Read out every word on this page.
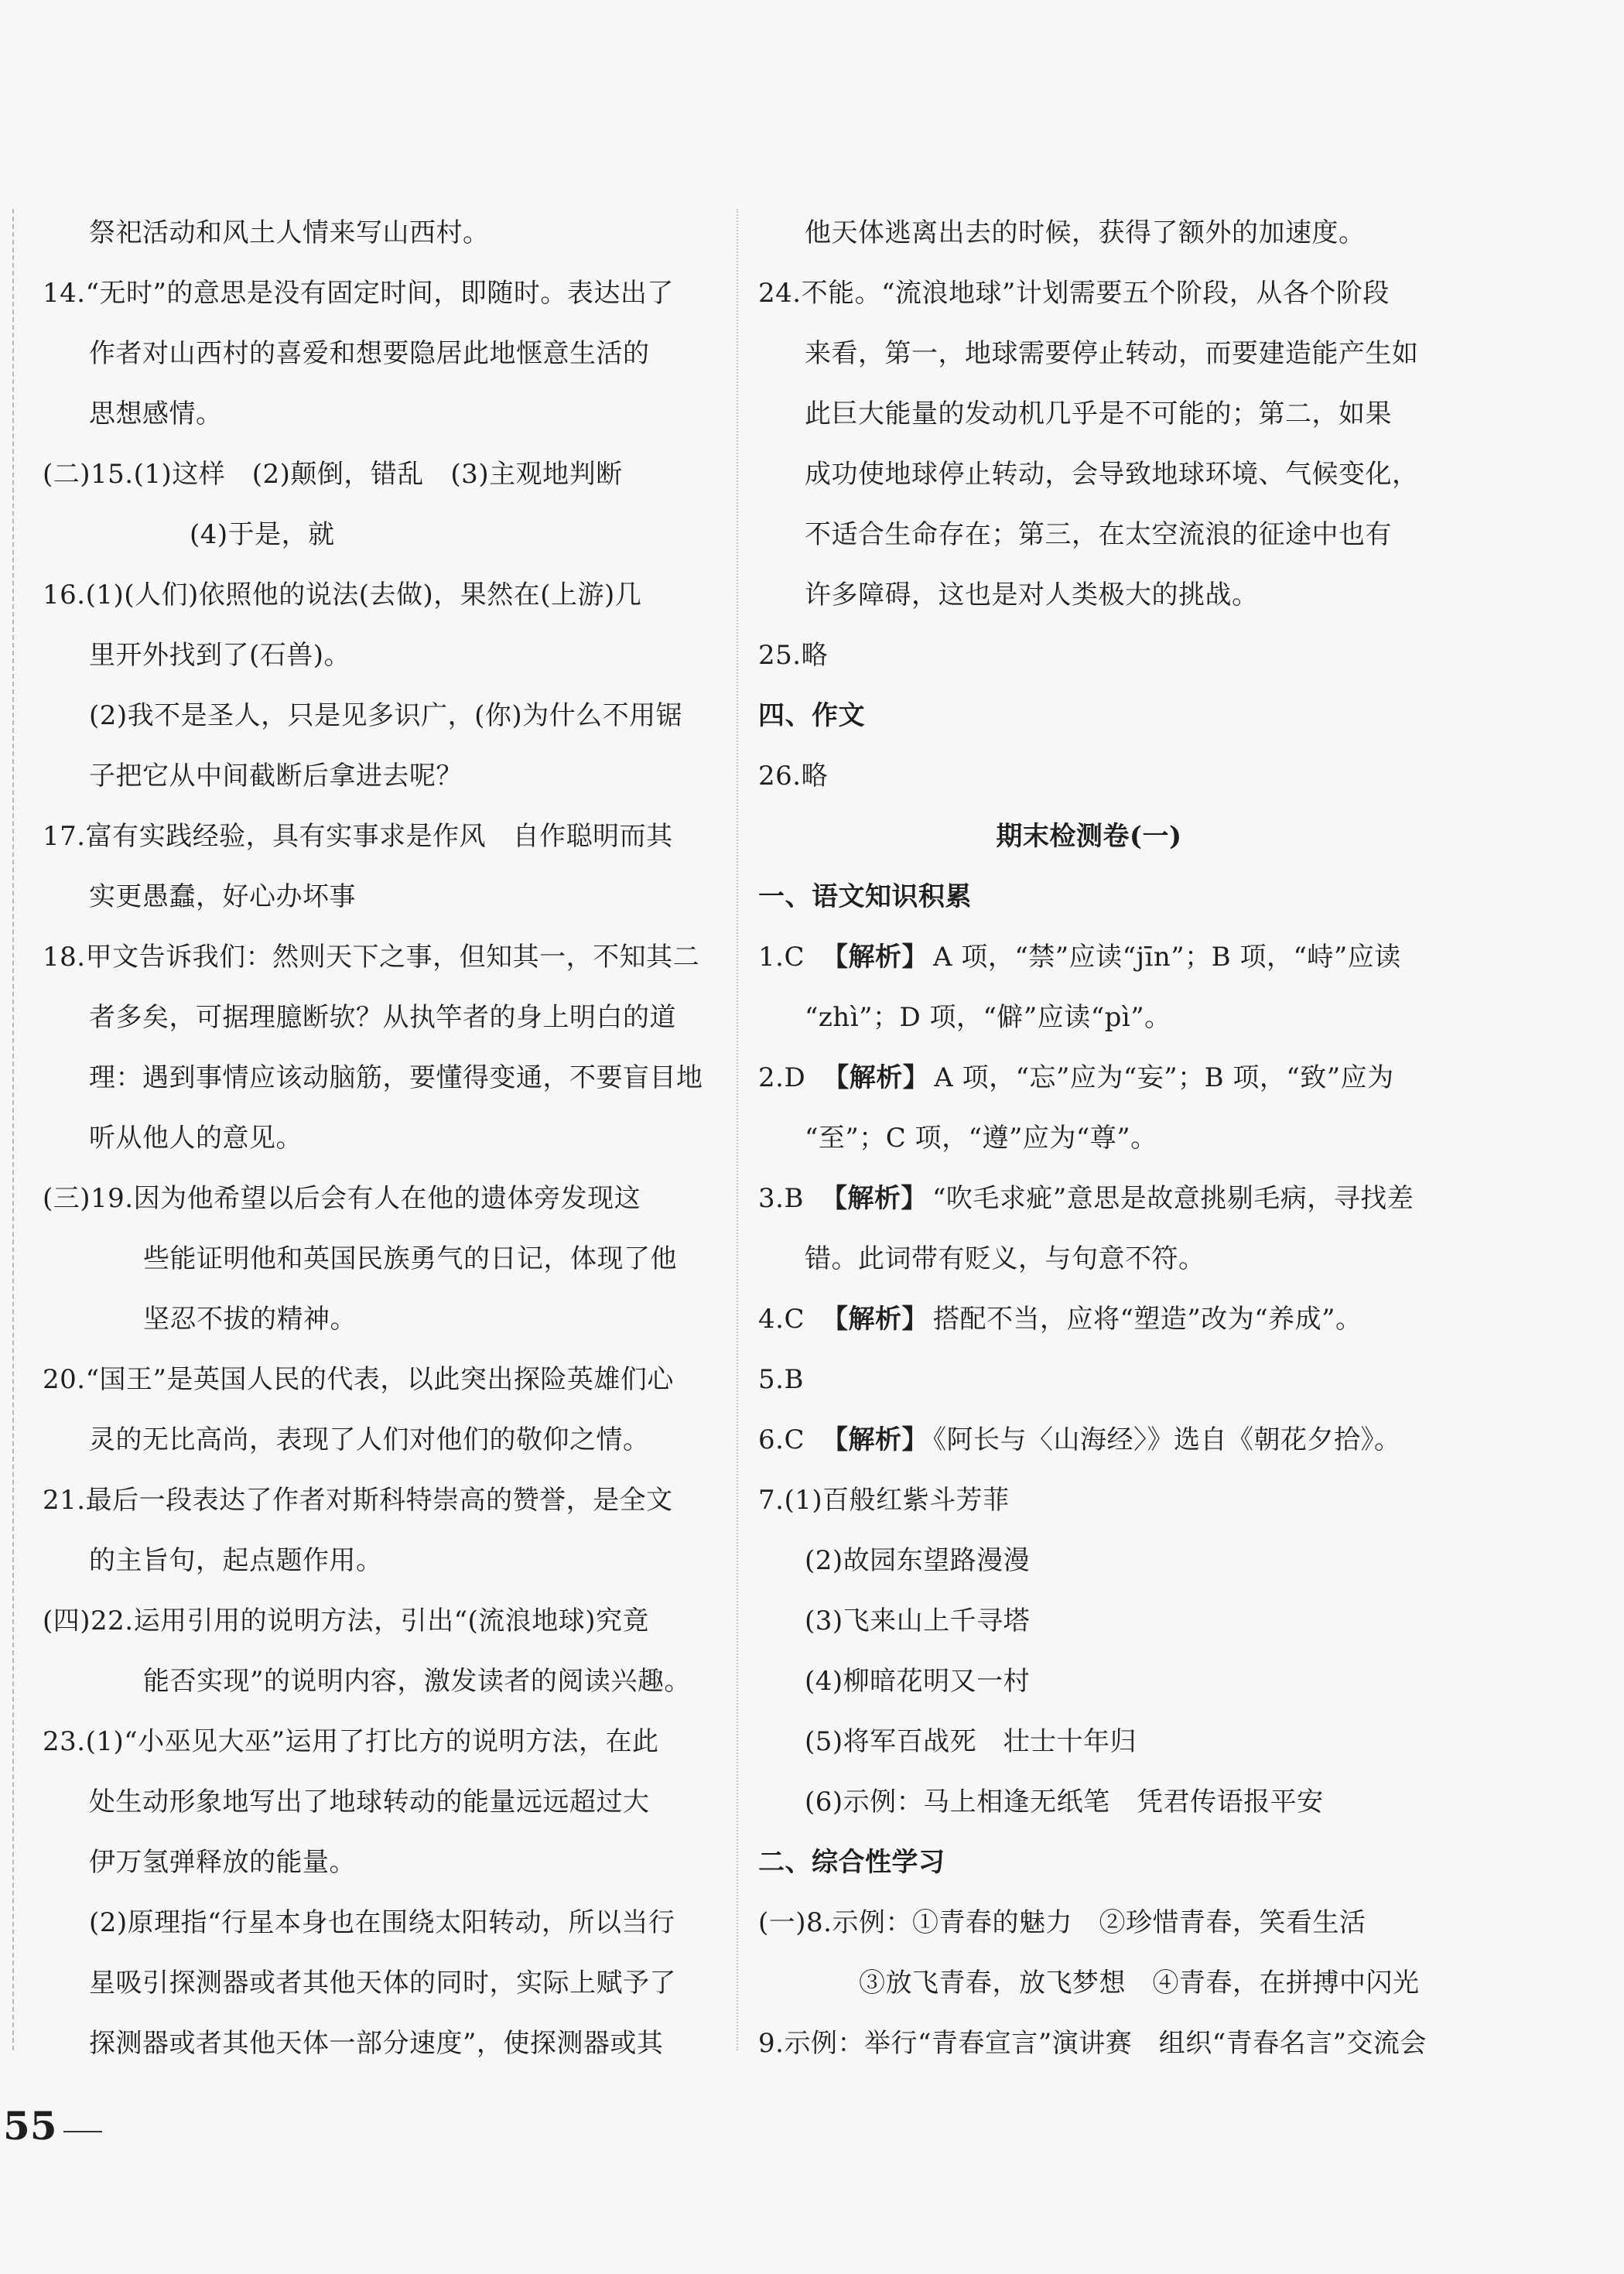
祭祀活动和风土人情来写山西村。
14.“无时”的意思是没有固定时间，即随时。表达出了
作者对山西村的喜爱和想要隐居此地惬意生活的
思想感情。
(二)15.(1)这样　(2)颠倒，错乱　(3)主观地判断
(4)于是，就
16.(1)(人们)依照他的说法(去做)，果然在(上游)几
里开外找到了(石兽)。
(2)我不是圣人，只是见多识广，(你)为什么不用锯
子把它从中间截断后拿进去呢？
17.富有实践经验，具有实事求是作风　自作聪明而其
实更愚蠢，好心办坏事
18.甲文告诉我们：然则天下之事，但知其一，不知其二
者多矣，可据理臆断欤？从执竿者的身上明白的道
理：遇到事情应该动脑筋，要懂得变通，不要盲目地
听从他人的意见。
(三)19.因为他希望以后会有人在他的遗体旁发现这
些能证明他和英国民族勇气的日记，体现了他
坚忍不拔的精神。
20.“国王”是英国人民的代表，以此突出探险英雄们心
灵的无比高尚，表现了人们对他们的敬仰之情。
21.最后一段表达了作者对斯科特崇高的赞誉，是全文
的主旨句，起点题作用。
(四)22.运用引用的说明方法，引出“(流浪地球)究竟
能否实现”的说明内容，激发读者的阅读兴趣。
23.(1)“小巫见大巫”运用了打比方的说明方法，在此
处生动形象地写出了地球转动的能量远远超过大
伊万氢弹释放的能量。
(2)原理指“行星本身也在围绕太阳转动，所以当行
星吸引探测器或者其他天体的同时，实际上赋予了
探测器或者其他天体一部分速度”，使探测器或其
他天体逃离出去的时候，获得了额外的加速度。
24.不能。“流浪地球”计划需要五个阶段，从各个阶段
来看，第一，地球需要停止转动，而要建造能产生如
此巨大能量的发动机几乎是不可能的；第二，如果
成功使地球停止转动，会导致地球环境、气候变化，
不适合生命存在；第三，在太空流浪的征途中也有
许多障碍，这也是对人类极大的挑战。
25.略
四、作文
26.略
期末检测卷(一)
一、语文知识积累
1.C 【解析】 A 项，“禁”应读“jīn”；B 项，“峙”应读
“zhì”；D 项，“僻”应读“pì”。
2.D 【解析】 A 项，“忘”应为“妄”；B 项，“致”应为
“至”；C 项，“遵”应为“尊”。
3.B 【解析】 “吹毛求疵”意思是故意挑剔毛病，寻找差
错。此词带有贬义，与句意不符。
4.C 【解析】 搭配不当，应将“塑造”改为“养成”。
5.B
6.C 【解析】 《阿长与〈山海经〉》选自《朝花夕拾》。
7.(1)百般红紫斗芳菲
(2)故园东望路漫漫
(3)飞来山上千寻塔
(4)柳暗花明又一村
(5)将军百战死　壮士十年归
(6)示例：马上相逢无纸笔　凭君传语报平安
二、综合性学习
(一)8.示例：①青春的魅力　②珍惜青春，笑看生活
③放飞青春，放飞梦想　④青春，在拼搏中闪光
9.示例：举行“青春宣言”演讲赛　组织“青春名言”交流会
55
